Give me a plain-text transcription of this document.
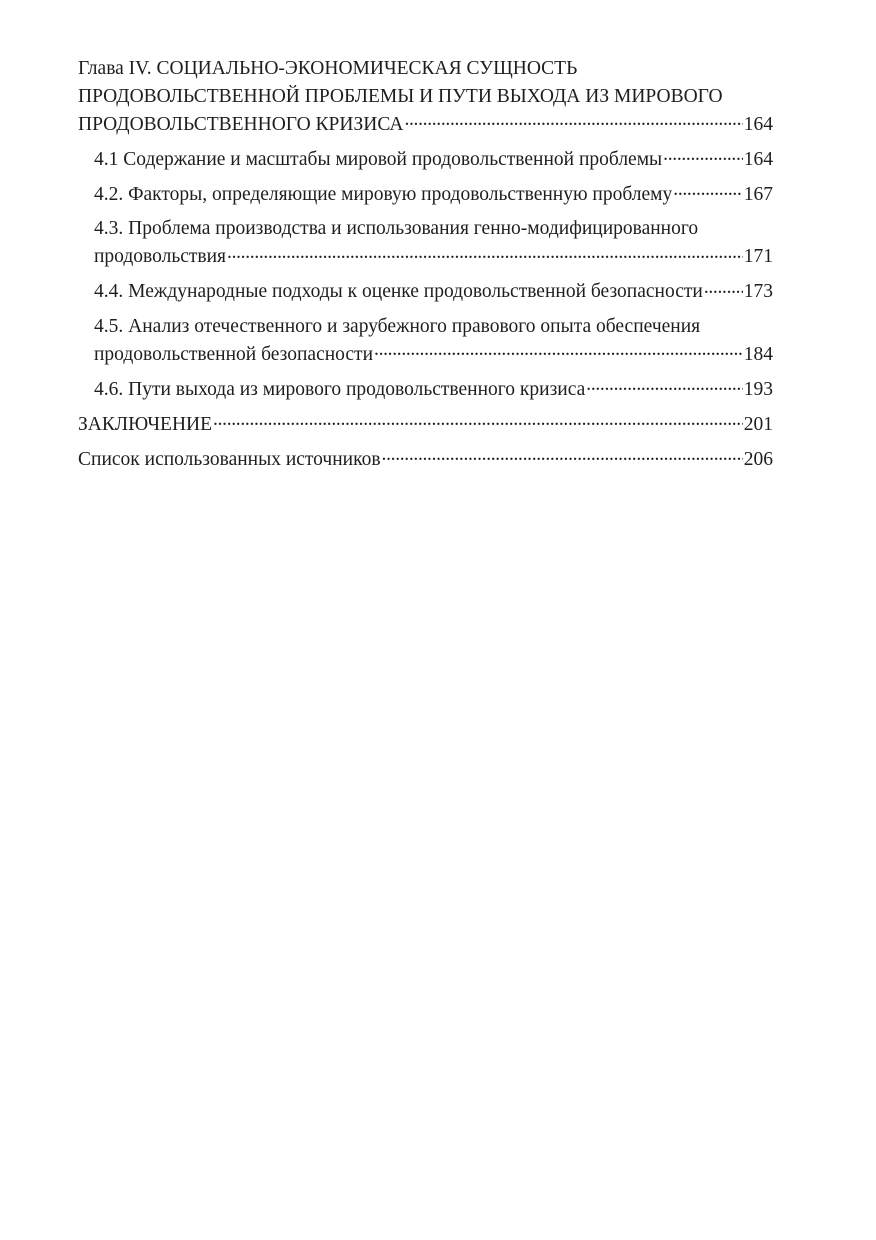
Глава IV. СОЦИАЛЬНО-ЭКОНОМИЧЕСКАЯ СУЩНОСТЬ
ПРОДОВОЛЬСТВЕННОЙ ПРОБЛЕМЫ И ПУТИ ВЫХОДА ИЗ МИРОВОГО
ПРОДОВОЛЬСТВЕННОГО КРИЗИСА . . .	164
4.1 Содержание и масштабы мировой продовольственной проблемы . . .	164
4.2. Факторы, определяющие мировую продовольственную проблему . . .	167
4.3. Проблема производства и использования генно-модифицированного
продовольствия . . .	171
4.4. Международные подходы к оценке продовольственной безопасности . . . 173
4.5. Анализ отечественного и зарубежного правового опыта обеспечения
продовольственной безопасности . . .	184
4.6. Пути выхода из мирового продовольственного кризиса . . .	193
ЗАКЛЮЧЕНИЕ . . .	201
Список использованных источников . . .	206
